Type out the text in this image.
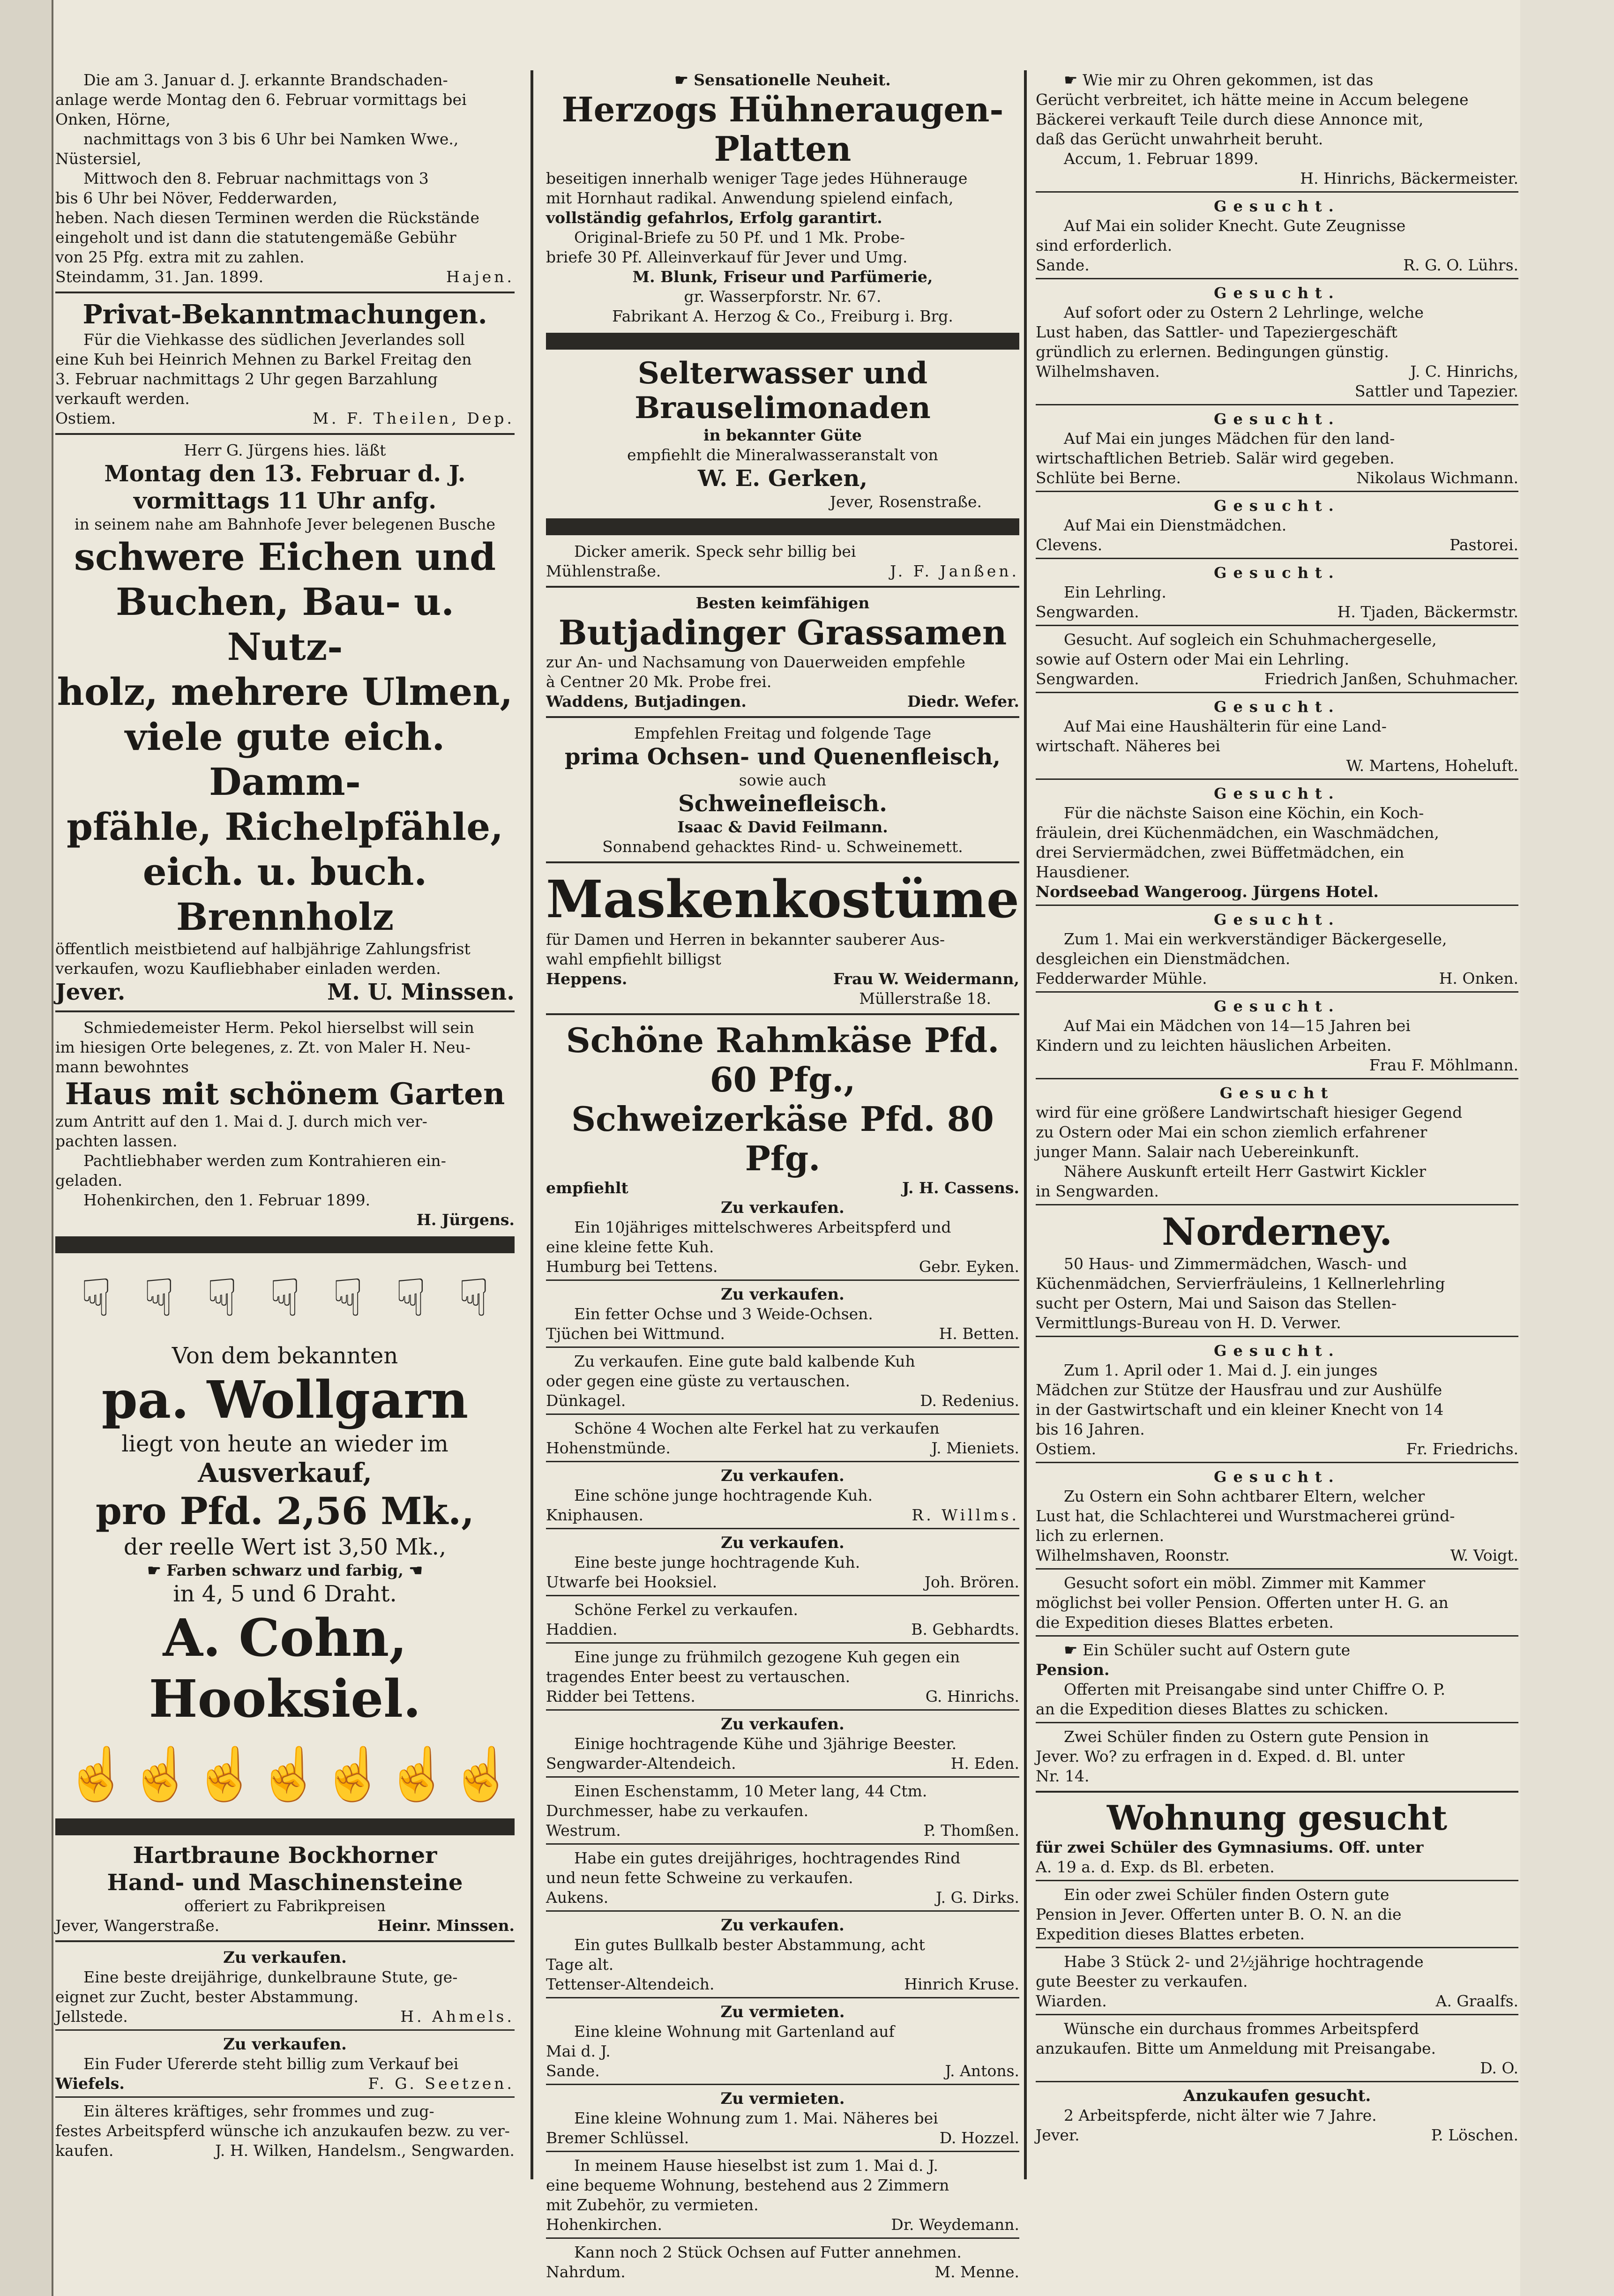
Die am 3. Januar d. J. erkannte Brandschaden-

anlage werde Montag den 6. Februar vormittags bei

Onken, Hörne,

nachmittags von 3 bis 6 Uhr bei Namken Wwe.,

Nüstersiel,

Mittwoch den 8. Februar nachmittags von 3

bis 6 Uhr bei Növer, Fedderwarden,

heben. Nach diesen Terminen werden die Rückstände

eingeholt und ist dann die statutengemäße Gebühr

von 25 Pfg. extra mit zu zahlen.

Steindamm, 31. Jan. 1899.	Hajen.

Privat-Bekanntmachungen.

Für die Viehkasse des südlichen Jeverlandes soll

eine Kuh bei Heinrich Mehnen zu Barkel Freitag den

3. Februar nachmittags 2 Uhr gegen Barzahlung

verkauft werden.

Ostiem.	M. F. Theilen, Dep.

Herr G. Jürgens hies. läßt

Montag den 13. Februar d. J.

vormittags 11 Uhr anfg.

in seinem nahe am Bahnhofe Jever belegenen Busche

schwere Eichen und

Buchen, Bau- u. Nutz-

holz, mehrere Ulmen,

viele gute eich. Damm-

pfähle, Richelpfähle,

eich. u. buch. Brennholz

öffentlich meistbietend auf halbjährige Zahlungsfrist

verkaufen, wozu Kaufliebhaber einladen werden.

Jever.	M. U. Minssen.

Schmiedemeister Herm. Pekol hierselbst will sein

im hiesigen Orte belegenes, z. Zt. von Maler H. Neu-

mann bewohntes

Haus mit schönem Garten

zum Antritt auf den 1. Mai d. J. durch mich ver-

pachten lassen.

Pachtliebhaber werden zum Kontrahieren ein-

geladen.

Hohenkirchen, den 1. Februar 1899.

H. Jürgens.

☟ ☟ ☟ ☟ ☟ ☟ ☟

Von dem bekannten

pa. Wollgarn

liegt von heute an wieder im

Ausverkauf,

pro Pfd. 2,56 Mk.,

der reelle Wert ist 3,50 Mk.,

☛ Farben schwarz und farbig, ☚

in 4, 5 und 6 Draht.

A. Cohn, Hooksiel.

☝ ☝ ☝ ☝ ☝ ☝ ☝

Hartbraune Bockhorner

Hand- und Maschinensteine

offeriert zu Fabrikpreisen

Jever, Wangerstraße.	Heinr. Minssen.

Zu verkaufen.

Eine beste dreijährige, dunkelbraune Stute, ge-

eignet zur Zucht, bester Abstammung.

Jellstede.	H. Ahmels.

Zu verkaufen.

Ein Fuder Ufererde steht billig zum Verkauf bei

Wiefels.	F. G. Seetzen.

Ein älteres kräftiges, sehr frommes und zug-

festes Arbeitspferd wünsche ich anzukaufen bezw. zu ver-

kaufen.	J. H. Wilken, Handelsm., Sengwarden.

☛ Sensationelle Neuheit.

Herzogs Hühneraugen-Platten

beseitigen innerhalb weniger Tage jedes Hühnerauge

mit Hornhaut radikal. Anwendung spielend einfach,

vollständig gefahrlos, Erfolg garantirt.

Original-Briefe zu 50 Pf. und 1 Mk. Probe-

briefe 30 Pf. Alleinverkauf für Jever und Umg.

M. Blunk, Friseur und Parfümerie,

gr. Wasserpforstr. Nr. 67.

Fabrikant A. Herzog & Co., Freiburg i. Brg.

Selterwasser und Brauselimonaden

in bekannter Güte

empfiehlt die Mineralwasseranstalt von

W. E. Gerken,

Jever, Rosenstraße.

Dicker amerik. Speck sehr billig bei

Mühlenstraße.	J. F. Janßen.

Besten keimfähigen

Butjadinger Grassamen

zur An- und Nachsamung von Dauerweiden empfehle

à Centner 20 Mk. Probe frei.

Waddens, Butjadingen.	Diedr. Wefer.

Empfehlen Freitag und folgende Tage

prima Ochsen- und Quenenfleisch,

sowie auch

Schweinefleisch.

Isaac & David Feilmann.

Sonnabend gehacktes Rind- u. Schweinemett.

Maskenkostüme

für Damen und Herren in bekannter sauberer Aus-

wahl empfiehlt billigst

Heppens.	Frau W. Weidermann,

Müllerstraße 18.

Schöne Rahmkäse Pfd. 60 Pfg.,

Schweizerkäse Pfd. 80 Pfg.

empfiehlt	J. H. Cassens.

Zu verkaufen.

Ein 10jähriges mittelschweres Arbeitspferd und

eine kleine fette Kuh.

Humburg bei Tettens.	Gebr. Eyken.

Zu verkaufen.

Ein fetter Ochse und 3 Weide-Ochsen.

Tjüchen bei Wittmund.	H. Betten.

Zu verkaufen. Eine gute bald kalbende Kuh

oder gegen eine güste zu vertauschen.

Dünkagel.	D. Redenius.

Schöne 4 Wochen alte Ferkel hat zu verkaufen

Hohenstmünde.	J. Mieniets.

Zu verkaufen.

Eine schöne junge hochtragende Kuh.

Kniphausen.	R. Willms.

Zu verkaufen.

Eine beste junge hochtragende Kuh.

Utwarfe bei Hooksiel.	Joh. Brören.

Schöne Ferkel zu verkaufen.

Haddien.	B. Gebhardts.

Eine junge zu frühmilch gezogene Kuh gegen ein

tragendes Enter beest zu vertauschen.

Ridder bei Tettens.	G. Hinrichs.

Zu verkaufen.

Einige hochtragende Kühe und 3jährige Beester.

Sengwarder-Altendeich.	H. Eden.

Einen Eschenstamm, 10 Meter lang, 44 Ctm.

Durchmesser, habe zu verkaufen.

Westrum.	P. Thomßen.

Habe ein gutes dreijähriges, hochtragendes Rind

und neun fette Schweine zu verkaufen.

Aukens.	J. G. Dirks.

Zu verkaufen.

Ein gutes Bullkalb bester Abstammung, acht

Tage alt.

Tettenser-Altendeich.	Hinrich Kruse.

Zu vermieten.

Eine kleine Wohnung mit Gartenland auf

Mai d. J.

Sande.	J. Antons.

Zu vermieten.

Eine kleine Wohnung zum 1. Mai. Näheres bei

Bremer Schlüssel.	D. Hozzel.

In meinem Hause hieselbst ist zum 1. Mai d. J.

eine bequeme Wohnung, bestehend aus 2 Zimmern

mit Zubehör, zu vermieten.

Hohenkirchen.	Dr. Weydemann.

Kann noch 2 Stück Ochsen auf Futter annehmen.

Nahrdum.	M. Menne.

☛ Wie mir zu Ohren gekommen, ist das

Gerücht verbreitet, ich hätte meine in Accum belegene

Bäckerei verkauft Teile durch diese Annonce mit,

daß das Gerücht unwahrheit beruht.

Accum, 1. Februar 1899.

H. Hinrichs, Bäckermeister.

Gesucht.

Auf Mai ein solider Knecht. Gute Zeugnisse

sind erforderlich.

Sande.	R. G. O. Lührs.

Gesucht.

Auf sofort oder zu Ostern 2 Lehrlinge, welche

Lust haben, das Sattler- und Tapeziergeschäft

gründlich zu erlernen. Bedingungen günstig.

Wilhelmshaven.	J. C. Hinrichs,

Sattler und Tapezier.

Gesucht.

Auf Mai ein junges Mädchen für den land-

wirtschaftlichen Betrieb. Salär wird gegeben.

Schlüte bei Berne.	Nikolaus Wichmann.

Gesucht.

Auf Mai ein Dienstmädchen.

Clevens.	Pastorei.

Gesucht.

Ein Lehrling.

Sengwarden.	H. Tjaden, Bäckermstr.

Gesucht. Auf sogleich ein Schuhmachergeselle,

sowie auf Ostern oder Mai ein Lehrling.

Sengwarden.	Friedrich Janßen, Schuhmacher.

Gesucht.

Auf Mai eine Haushälterin für eine Land-

wirtschaft. Näheres bei

W. Martens, Hoheluft.

Gesucht.

Für die nächste Saison eine Köchin, ein Koch-

fräulein, drei Küchenmädchen, ein Waschmädchen,

drei Serviermädchen, zwei Büffetmädchen, ein

Hausdiener.

Nordseebad Wangeroog. Jürgens Hotel.

Gesucht.

Zum 1. Mai ein werkverständiger Bäckergeselle,

desgleichen ein Dienstmädchen.

Fedderwarder Mühle.	H. Onken.

Gesucht.

Auf Mai ein Mädchen von 14—15 Jahren bei

Kindern und zu leichten häuslichen Arbeiten.

Frau F. Möhlmann.

Gesucht

wird für eine größere Landwirtschaft hiesiger Gegend

zu Ostern oder Mai ein schon ziemlich erfahrener

junger Mann. Salair nach Uebereinkunft.

Nähere Auskunft erteilt Herr Gastwirt Kickler

in Sengwarden.

Norderney.

50 Haus- und Zimmermädchen, Wasch- und

Küchenmädchen, Servierfräuleins, 1 Kellnerlehrling

sucht per Ostern, Mai und Saison das Stellen-

Vermittlungs-Bureau von H. D. Verwer.

Gesucht.

Zum 1. April oder 1. Mai d. J. ein junges

Mädchen zur Stütze der Hausfrau und zur Aushülfe

in der Gastwirtschaft und ein kleiner Knecht von 14

bis 16 Jahren.

Ostiem.	Fr. Friedrichs.

Gesucht.

Zu Ostern ein Sohn achtbarer Eltern, welcher

Lust hat, die Schlachterei und Wurstmacherei gründ-

lich zu erlernen.

Wilhelmshaven, Roonstr.	W. Voigt.

Gesucht sofort ein möbl. Zimmer mit Kammer

möglichst bei voller Pension. Offerten unter H. G. an

die Expedition dieses Blattes erbeten.

☛ Ein Schüler sucht auf Ostern gute

Pension.

Offerten mit Preisangabe sind unter Chiffre O. P.

an die Expedition dieses Blattes zu schicken.

Zwei Schüler finden zu Ostern gute Pension in

Jever. Wo? zu erfragen in d. Exped. d. Bl. unter

Nr. 14.

Wohnung gesucht

für zwei Schüler des Gymnasiums. Off. unter

A. 19 a. d. Exp. ds Bl. erbeten.

Ein oder zwei Schüler finden Ostern gute

Pension in Jever. Offerten unter B. O. N. an die

Expedition dieses Blattes erbeten.

Habe 3 Stück 2- und 2½jährige hochtragende

gute Beester zu verkaufen.

Wiarden.	A. Graalfs.

Wünsche ein durchaus frommes Arbeitspferd

anzukaufen. Bitte um Anmeldung mit Preisangabe.

D. O.

Anzukaufen gesucht.

2 Arbeitspferde, nicht älter wie 7 Jahre.

Jever.	P. Löschen.
